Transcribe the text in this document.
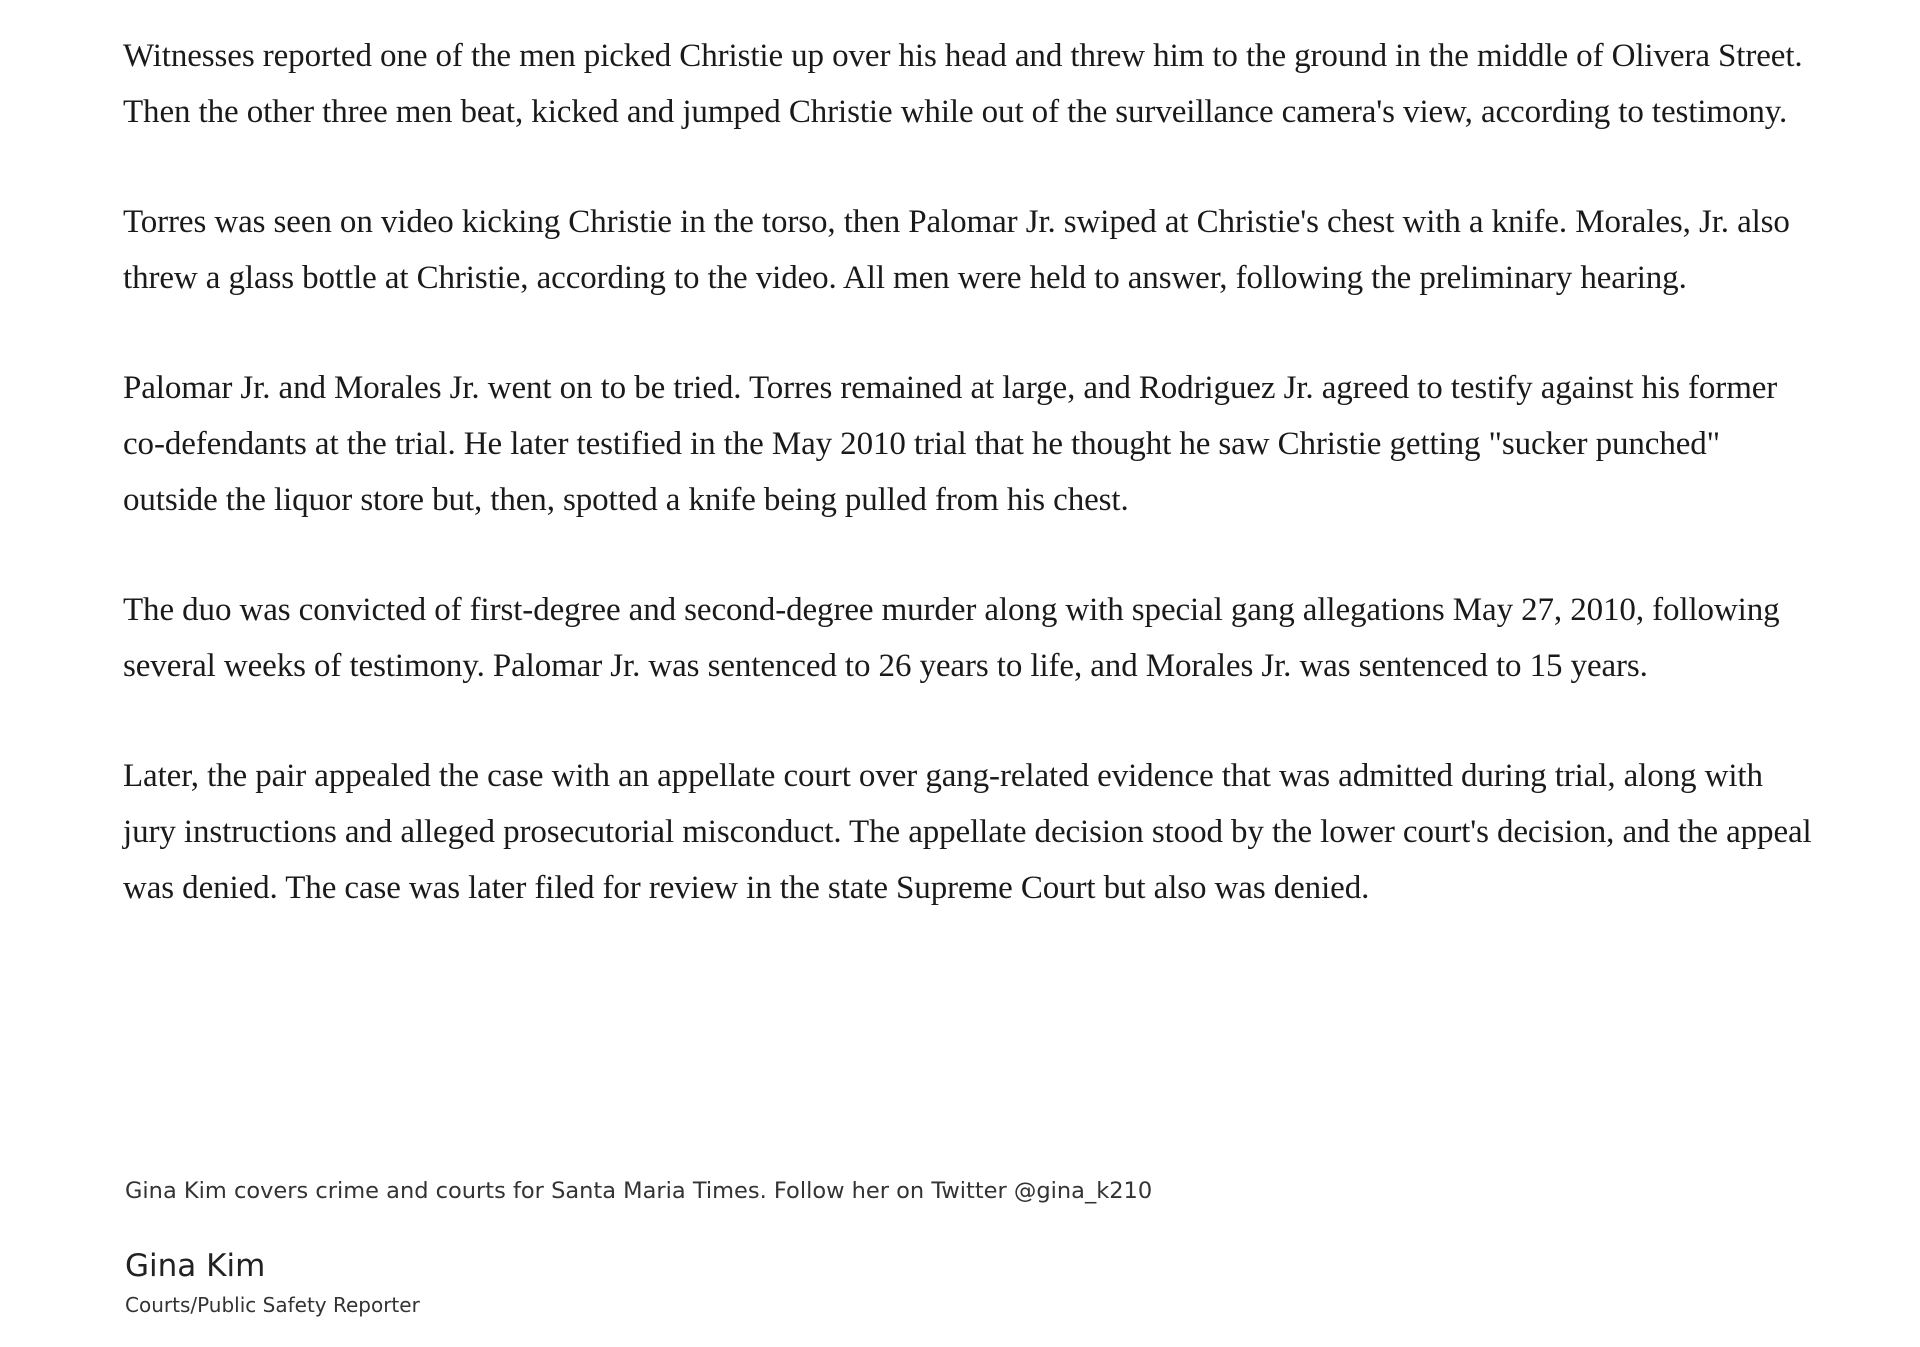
Witnesses reported one of the men picked Christie up over his head and threw him to the ground in the middle of Olivera Street. Then the other three men beat, kicked and jumped Christie while out of the surveillance camera's view, according to testimony.

Torres was seen on video kicking Christie in the torso, then Palomar Jr. swiped at Christie's chest with a knife. Morales, Jr. also threw a glass bottle at Christie, according to the video. All men were held to answer, following the preliminary hearing.

Palomar Jr. and Morales Jr. went on to be tried. Torres remained at large, and Rodriguez Jr. agreed to testify against his former co-defendants at the trial. He later testified in the May 2010 trial that he thought he saw Christie getting "sucker punched" outside the liquor store but, then, spotted a knife being pulled from his chest.

The duo was convicted of first-degree and second-degree murder along with special gang allegations May 27, 2010, following several weeks of testimony. Palomar Jr. was sentenced to 26 years to life, and Morales Jr. was sentenced to 15 years.

Later, the pair appealed the case with an appellate court over gang-related evidence that was admitted during trial, along with jury instructions and alleged prosecutorial misconduct. The appellate decision stood by the lower court's decision, and the appeal was denied. The case was later filed for review in the state Supreme Court but also was denied.

Gina Kim covers crime and courts for Santa Maria Times. Follow her on Twitter @gina_k210

Gina Kim

Courts/Public Safety Reporter
